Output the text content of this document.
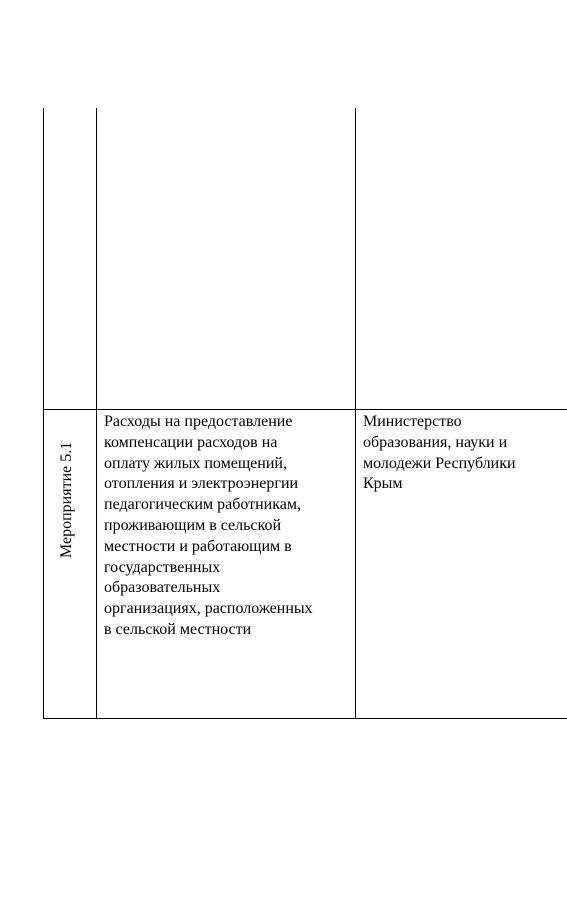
Мероприятие 5.1
Расходы на предоставление
компенсации расходов на
оплату жилых помещений,
отопления и электроэнергии
педагогическим работникам,
проживающим в сельской
местности и работающим в
государственных
образовательных
организациях, расположенных
в сельской местности
Министерство
образования, науки и
молодежи Республики
Крым
